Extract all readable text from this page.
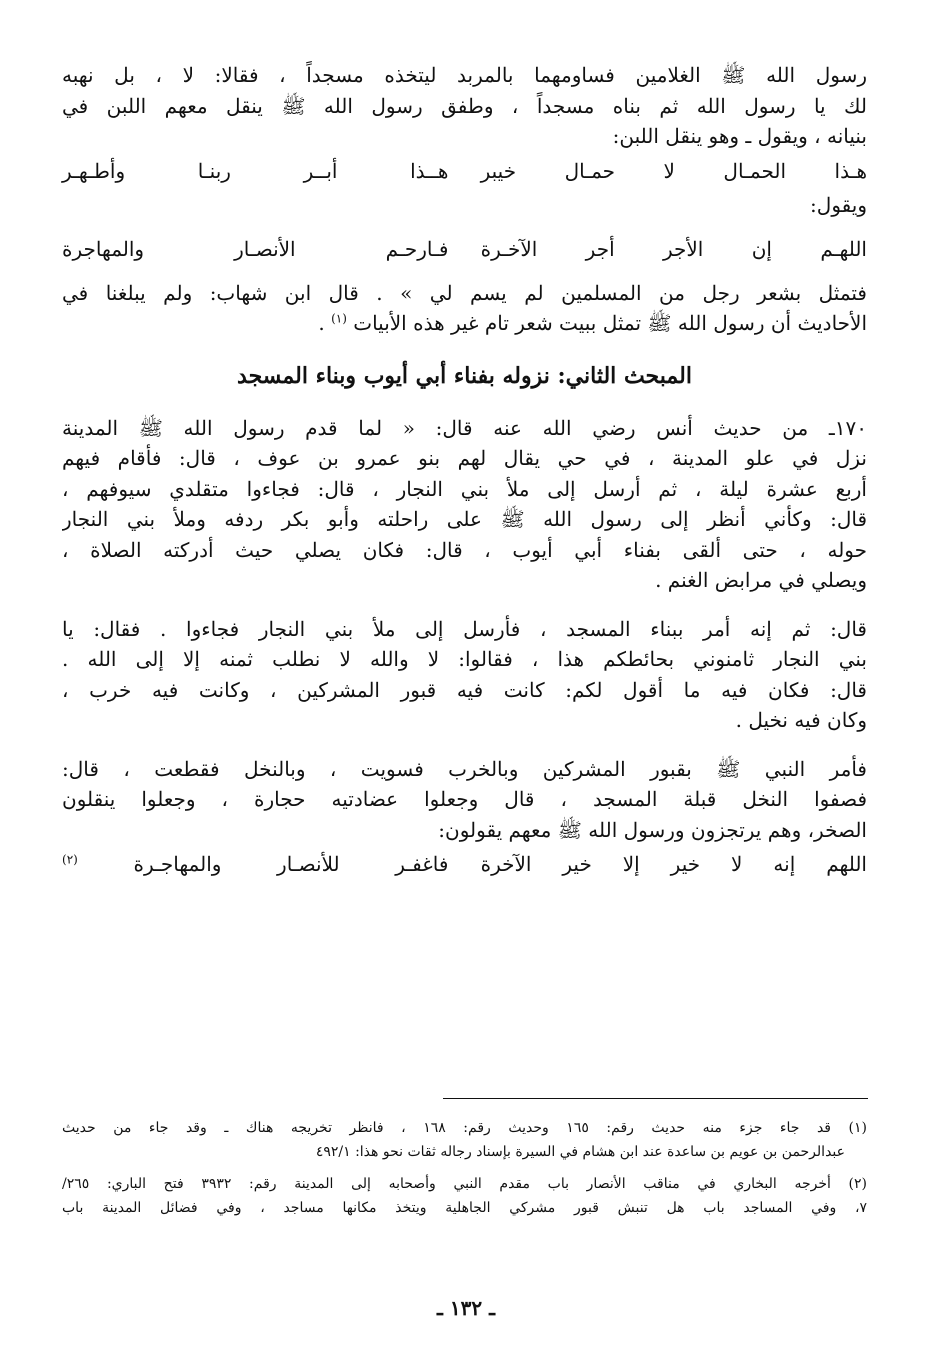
رسول الله ﷺ الغلامين فساومهما بالمربد ليتخذه مسجداً ، فقالا: لا ، بل نهبه
لك يا رسول الله ثم بناه مسجداً ، وطفق رسول الله ﷺ ينقل معهم اللبن في
بنيانه ، ويقول ـ وهو ينقل اللبن:
هـذا الحمـال لا حمـال خيبر
هــذا أبــر ربنـا وأطـهـر

ويقول:

اللهـم إن الأجر أجر الآخـرة
فـارحـم الأنصـار والمهاجرة
فتمثل بشعر رجل من المسلمين لم يسم لي » . قال ابن شهاب: ولم يبلغنا في
الأحاديث أن رسول الله ﷺ تمثل ببيت شعر تام غير هذه الأبيات $^{(١)}$ .
المبحث الثاني: نزوله بفناء أبي أيوب وبناء المسجد
١٧٠ـ من حديث أنس رضي الله عنه قال: « لما قدم رسول الله ﷺ المدينة
نزل في علو المدينة ، في حي يقال لهم بنو عمرو بن عوف ، قال: فأقام فيهم
أربع عشرة ليلة ، ثم أرسل إلى ملأ بني النجار ، قال: فجاءوا متقلدي سيوفهم ،
قال: وكأني أنظر إلى رسول الله ﷺ على راحلته وأبو بكر ردفه وملأ بني النجار
حوله ، حتى ألقى بفناء أبي أيوب ، قال: فكان يصلي حيث أدركته الصلاة ،
ويصلي في مرابض الغنم .
قال: ثم إنه أمر ببناء المسجد ، فأرسل إلى ملأ بني النجار فجاءوا . فقال: يا
بني النجار ثامنوني بحائطكم هذا ، فقالوا: لا والله لا نطلب ثمنه إلا إلى الله .
قال: فكان فيه ما أقول لكم: كانت فيه قبور المشركين ، وكانت فيه خرب ،
وكان فيه نخيل .
فأمر النبي ﷺ بقبور المشركين وبالخرب فسويت ، وبالنخل فقطعت ، قال:
فصفوا النخل قبلة المسجد ، قال وجعلوا عضادتيه حجارة ، وجعلوا ينقلون
الصخر، وهم يرتجزون ورسول الله ﷺ معهم يقولون:
اللهم إنه لا خير إلا خير الآخرة
فاغفـر للأنصـار والمهاجـرة $^{(٢)}$
(١) قد جاء جزء منه حديث رقم: ١٦٥ وحديث رقم: ١٦٨ ، فانظر تخريجه هناك ـ وقد جاء من حديث
عبدالرحمن بن عويم بن ساعدة عند ابن هشام في السيرة بإسناد رجاله ثقات نحو هذا: ٤٩٢/١
(٢) أخرجه البخاري في مناقب الأنصار باب مقدم النبي وأصحابه إلى المدينة رقم: ٣٩٣٢ فتح الباري: ٢٦٥/
٧، وفي المساجد باب هل تنبش قبور مشركي الجاهلية ويتخذ مكانها مساجد ، وفي فضائل المدينة باب
ـ ١٣٢ ـ
